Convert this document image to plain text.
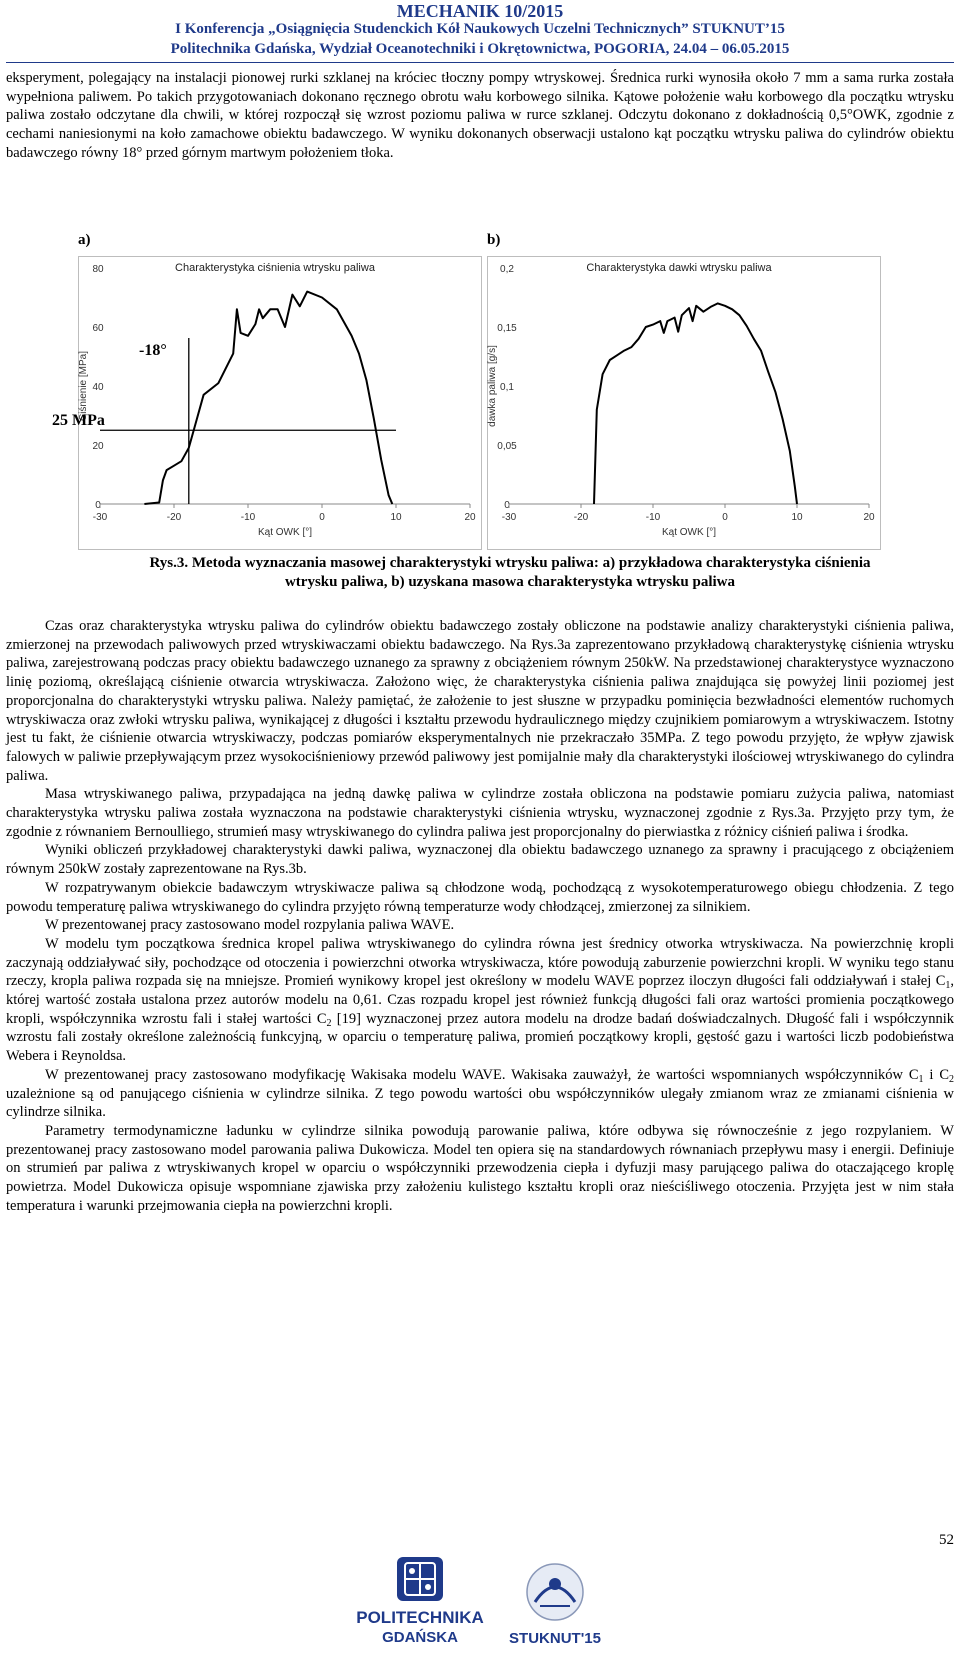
MECHANIK 10/2015
I Konferencja „Osiągnięcia Studenckich Kół Naukowych Uczelni Technicznych” STUKNUT’15
Politechnika Gdańska, Wydział Oceanotechniki i Okrętownictwa, POGORIA, 24.04 – 06.05.2015

eksperyment, polegający na instalacji pionowej rurki szklanej na króciec tłoczny pompy wtryskowej. Średnica rurki wynosiła około 7 mm a sama rurka została wypełniona paliwem. Po takich przygotowaniach dokonano ręcznego obrotu wału korbowego silnika. Kątowe położenie wału korbowego dla początku wtrysku paliwa zostało odczytane dla chwili, w której rozpoczął się wzrost poziomu paliwa w rurce szklanej. Odczytu dokonano z dokładnością 0,5°OWK, zgodnie z cechami naniesionymi na koło zamachowe obiektu badawczego. W wyniku dokonanych obserwacji ustalono kąt początku wtrysku paliwa do cylindrów obiektu badawczego równy 18° przed górnym martwym położeniem tłoka.

a)	b)
Charakterystyka ciśnienia wtrysku paliwa
Ciśnienie [MPa]
0
20
40
60
80
-30	-20	-10	0	10	20
Kąt OWK [°]
Charakterystyka dawki wtrysku paliwa
dawka paliwa [g/s]
0
0,05
0,1
0,15
0,2
-30	-20	-10	0	10	20
Kąt OWK [°]
-18°
25 MPa
Rys.3. Metoda wyznaczania masowej charakterystyki wtrysku paliwa: a) przykładowa charakterystyka ciśnienia
wtrysku paliwa, b) uzyskana masowa charakterystyka wtrysku paliwa

Czas oraz charakterystyka wtrysku paliwa do cylindrów obiektu badawczego zostały obliczone na podstawie analizy charakterystyki ciśnienia paliwa, zmierzonej na przewodach paliwowych przed wtryskiwaczami obiektu badawczego. Na Rys.3a zaprezentowano przykładową charakterystykę ciśnienia wtrysku paliwa, zarejestrowaną podczas pracy obiektu badawczego uznanego za sprawny z obciążeniem równym 250kW. Na przedstawionej charakterystyce wyznaczono linię poziomą, określającą ciśnienie otwarcia wtryskiwacza. Założono więc, że charakterystyka ciśnienia paliwa znajdująca się powyżej linii poziomej jest proporcjonalna do charakterystyki wtrysku paliwa. Należy pamiętać, że założenie to jest słuszne w przypadku pominięcia bezwładności elementów ruchomych wtryskiwacza oraz zwłoki wtrysku paliwa, wynikającej z długości i kształtu przewodu hydraulicznego między czujnikiem pomiarowym a wtryskiwaczem. Istotny jest tu fakt, że ciśnienie otwarcia wtryskiwaczy, podczas pomiarów eksperymentalnych nie przekraczało 35MPa. Z tego powodu przyjęto, że wpływ zjawisk falowych w paliwie przepływającym przez wysokociśnieniowy przewód paliwowy jest pomijalnie mały dla charakterystyki ilościowej wtryskiwanego do cylindra paliwa.

Masa wtryskiwanego paliwa, przypadająca na jedną dawkę paliwa w cylindrze została obliczona na podstawie pomiaru zużycia paliwa, natomiast charakterystyka wtrysku paliwa została wyznaczona na podstawie charakterystyki ciśnienia wtrysku, wyznaczonej zgodnie z Rys.3a. Przyjęto przy tym, że zgodnie z równaniem Bernoulliego, strumień masy wtryskiwanego do cylindra paliwa jest proporcjonalny do pierwiastka z różnicy ciśnień paliwa i środka.

Wyniki obliczeń przykładowej charakterystyki dawki paliwa, wyznaczonej dla obiektu badawczego uznanego za sprawny i pracującego z obciążeniem równym 250kW zostały zaprezentowane na Rys.3b.

W rozpatrywanym obiekcie badawczym wtryskiwacze paliwa są chłodzone wodą, pochodzącą z wysokotemperaturowego obiegu chłodzenia. Z tego powodu temperaturę paliwa wtryskiwanego do cylindra przyjęto równą temperaturze wody chłodzącej, zmierzonej za silnikiem.

W prezentowanej pracy zastosowano model rozpylania paliwa WAVE.

W modelu tym początkowa średnica kropel paliwa wtryskiwanego do cylindra równa jest średnicy otworka wtryskiwacza. Na powierzchnię kropli zaczynają oddziaływać siły, pochodzące od otoczenia i powierzchni otworka wtryskiwacza, które powodują zaburzenie powierzchni kropli. W wyniku tego stanu rzeczy, kropla paliwa rozpada się na mniejsze. Promień wynikowy kropel jest określony w modelu WAVE poprzez iloczyn długości fali oddziaływań i stałej $C_1$, której wartość została ustalona przez autorów modelu na 0,61. Czas rozpadu kropel jest również funkcją długości fali oraz wartości promienia początkowego kropli, współczynnika wzrostu fali i stałej wartości $C_2$ [19] wyznaczonej przez autora modelu na drodze badań doświadczalnych. Długość fali i współczynnik wzrostu fali zostały określone zależnością funkcyjną, w oparciu o temperaturę paliwa, promień początkowy kropli, gęstość gazu i wartości liczb podobieństwa Webera i Reynoldsa.

W prezentowanej pracy zastosowano modyfikację Wakisaka modelu WAVE. Wakisaka zauważył, że wartości wspomnianych współczynników $C_1$ i $C_2$ uzależnione są od panującego ciśnienia w cylindrze silnika. Z tego powodu wartości obu współczynników ulegały zmianom wraz ze zmianami ciśnienia w cylindrze silnika.

Parametry termodynamiczne ładunku w cylindrze silnika powodują parowanie paliwa, które odbywa się równocześnie z jego rozpylaniem. W prezentowanej pracy zastosowano model parowania paliwa Dukowicza. Model ten opiera się na standardowych równaniach przepływu masy i energii. Definiuje on strumień par paliwa z wtryskiwanych kropel w oparciu o współczynniki przewodzenia ciepła i dyfuzji masy parującego paliwa do otaczającego kroplę powietrza. Model Dukowicza opisuje wspomniane zjawiska przy założeniu kulistego kształtu kropli oraz nieściśliwego otoczenia. Przyjęta jest w nim stała temperatura i warunki przejmowania ciepła na powierzchni kropli.

52
POLITECHNIKA
GDAŃSKA	STUKNUT'15
